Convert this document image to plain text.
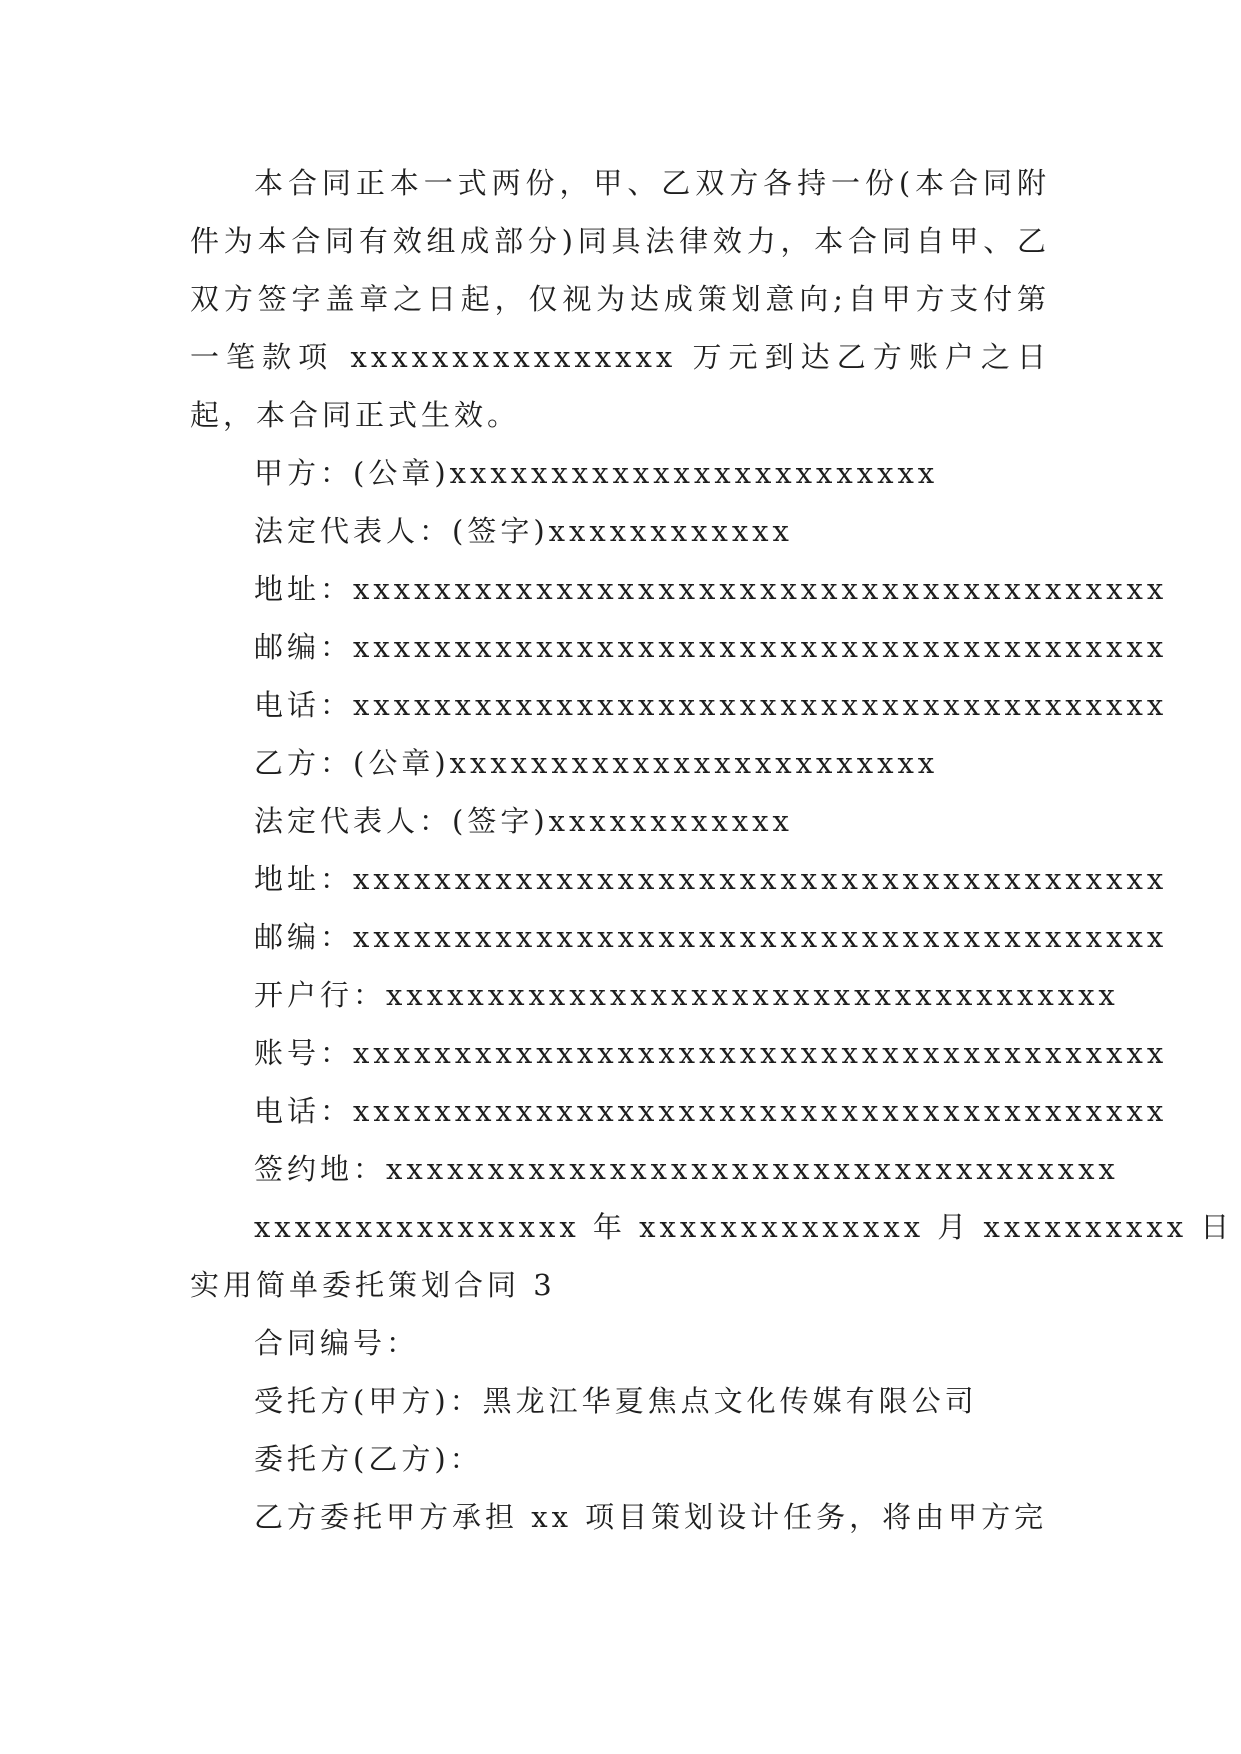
本合同正本一式两份，甲、乙双方各持一份(本合同附件为本合同有效组成部分)同具法律效力，本合同自甲、乙双方签字盖章之日起，仅视为达成策划意向;自甲方支付第一笔款项 xxxxxxxxxxxxxxxx 万元到达乙方账户之日起，本合同正式生效。

甲方：(公章)xxxxxxxxxxxxxxxxxxxxxxxx

法定代表人：(签字)xxxxxxxxxxxx

地址：xxxxxxxxxxxxxxxxxxxxxxxxxxxxxxxxxxxxxxxx

邮编：xxxxxxxxxxxxxxxxxxxxxxxxxxxxxxxxxxxxxxxx

电话：xxxxxxxxxxxxxxxxxxxxxxxxxxxxxxxxxxxxxxxx

乙方：(公章)xxxxxxxxxxxxxxxxxxxxxxxx

法定代表人：(签字)xxxxxxxxxxxx

地址：xxxxxxxxxxxxxxxxxxxxxxxxxxxxxxxxxxxxxxxx

邮编：xxxxxxxxxxxxxxxxxxxxxxxxxxxxxxxxxxxxxxxx

开户行：xxxxxxxxxxxxxxxxxxxxxxxxxxxxxxxxxxxx

账号：xxxxxxxxxxxxxxxxxxxxxxxxxxxxxxxxxxxxxxxx

电话：xxxxxxxxxxxxxxxxxxxxxxxxxxxxxxxxxxxxxxxx

签约地：xxxxxxxxxxxxxxxxxxxxxxxxxxxxxxxxxxxx

xxxxxxxxxxxxxxxx 年 xxxxxxxxxxxxxx 月 xxxxxxxxxx 日

实用简单委托策划合同 3

合同编号：

受托方(甲方)：黑龙江华夏焦点文化传媒有限公司

委托方(乙方)：

乙方委托甲方承担 xx 项目策划设计任务，将由甲方完
